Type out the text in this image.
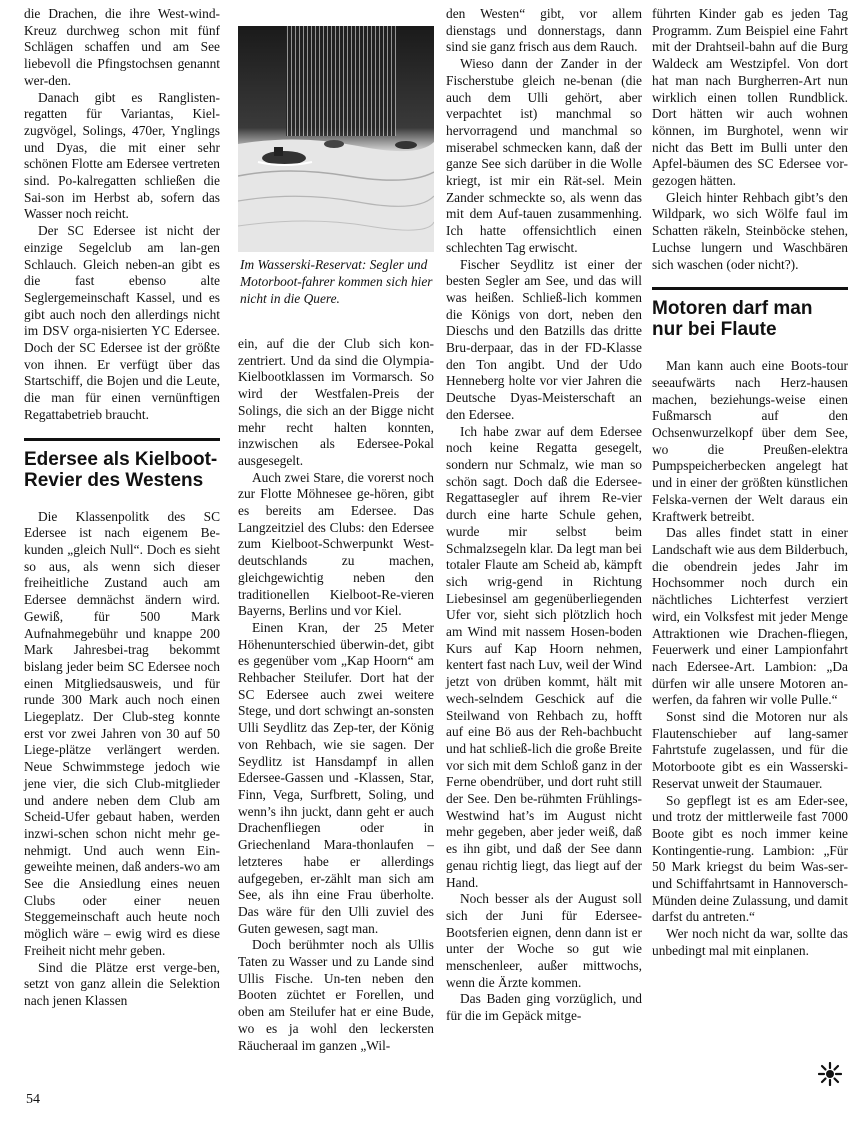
Im Wasserski-Reservat: Segler und Motorboot-fahrer kommen sich hier nicht in die Quere.

die Drachen, die ihre West-wind-Kreuz durchweg schon mit fünf Schlägen schaffen und am See liebevoll die Pfingstochsen genannt wer-den.

Danach gibt es Ranglisten-regatten für Variantas, Kiel-zugvögel, Solings, 470er, Ynglings und Dyas, die mit einer sehr schönen Flotte am Edersee vertreten sind. Po-kalregatten schließen die Sai-son im Herbst ab, sofern das Wasser noch reicht.

Der SC Edersee ist nicht der einzige Segelclub am lan-gen Schlauch. Gleich neben-an gibt es die fast ebenso alte Seglergemeinschaft Kassel, und es gibt auch noch den allerdings nicht im DSV orga-nisierten YC Edersee. Doch der SC Edersee ist der größte von ihnen. Er verfügt über das Startschiff, die Bojen und die Leute, die man für einen vernünftigen Regattabetrieb braucht.

Edersee als Kielboot-Revier des Westens

Die Klassenpolitk des SC Edersee ist nach eigenem Be-kunden „gleich Null“. Doch es sieht so aus, als wenn sich dieser freiheitliche Zustand auch am Edersee demnächst ändern wird. Gewiß, für 500 Mark Aufnahmegebühr und knappe 200 Mark Jahresbei-trag bekommt bislang jeder beim SC Edersee noch einen Mitgliedsausweis, und für runde 300 Mark auch noch einen Liegeplatz. Der Club-steg konnte erst vor zwei Jahren von 30 auf 50 Liege-plätze verlängert werden. Neue Schwimmstege jedoch wie jene vier, die sich Club-mitglieder und andere neben dem Club am Scheid-Ufer gebaut haben, werden inzwi-schen schon nicht mehr ge-nehmigt. Und auch wenn Ein-geweihte meinen, daß anders-wo am See die Ansiedlung eines neuen Clubs oder einer neuen Steggemeinschaft auch heute noch möglich wäre – ewig wird es diese Freiheit nicht mehr geben.

Sind die Plätze erst verge-ben, setzt von ganz allein die Selektion nach jenen Klassen

ein, auf die der Club sich kon-zentriert. Und da sind die Olympia-Kielbootklassen im Vormarsch. So wird der Westfalen-Preis der Solings, die sich an der Bigge nicht mehr recht halten konnten, inzwischen als Edersee-Pokal ausgesegelt.

Auch zwei Stare, die vorerst noch zur Flotte Möhnesee ge-hören, gibt es bereits am Edersee. Das Langzeitziel des Clubs: den Edersee zum Kielboot-Schwerpunkt West-deutschlands zu machen, gleichgewichtig neben den traditionellen Kielboot-Re-vieren Bayerns, Berlins und vor Kiel.

Einen Kran, der 25 Meter Höhenunterschied überwin-det, gibt es gegenüber vom „Kap Hoorn“ am Rehbacher Steilufer. Dort hat der SC Edersee auch zwei weitere Stege, und dort schwingt an-sonsten Ulli Seydlitz das Zep-ter, der König von Rehbach, wie sie sagen. Der Seydlitz ist Hansdampf in allen Edersee-Gassen und -Klassen, Star, Finn, Vega, Surfbrett, Soling, und wenn’s ihn juckt, dann geht er auch Drachenfliegen oder in Griechenland Mara-thonlaufen – letzteres habe er allerdings aufgegeben, er-zählt man sich am See, als ihn eine Frau überholte. Das wäre für den Ulli zuviel des Guten gewesen, sagt man.

Doch berühmter noch als Ullis Taten zu Wasser und zu Lande sind Ullis Fische. Un-ten neben den Booten züchtet er Forellen, und oben am Steilufer hat er eine Bude, wo es ja wohl den leckersten Räucheraal im ganzen „Wil-

den Westen“ gibt, vor allem dienstags und donnerstags, dann sind sie ganz frisch aus dem Rauch.

Wieso dann der Zander in der Fischerstube gleich ne-benan (die auch dem Ulli gehört, aber verpachtet ist) manchmal so hervorragend und manchmal so miserabel schmecken kann, daß der ganze See sich darüber in die Wolle kriegt, ist mir ein Rät-sel. Mein Zander schmeckte so, als wenn das mit dem Auf-tauen zusammenhing. Ich hatte offensichtlich einen schlechten Tag erwischt.

Fischer Seydlitz ist einer der besten Segler am See, und das will was heißen. Schließ-lich kommen die Königs von dort, neben den Dieschs und den Batzills das dritte Bru-derpaar, das in der FD-Klasse den Ton angibt. Und der Udo Henneberg holte vor vier Jahren die Deutsche Dyas-Meisterschaft an den Edersee.

Ich habe zwar auf dem Edersee noch keine Regatta gesegelt, sondern nur Schmalz, wie man so schön sagt. Doch daß die Edersee-Regattasegler auf ihrem Re-vier durch eine harte Schule gehen, wurde mir selbst beim Schmalzsegeln klar. Da legt man bei totaler Flaute am Scheid ab, kämpft sich wrig-gend in Richtung Liebesinsel am gegenüberliegenden Ufer vor, sieht sich plötzlich hoch am Wind mit nassem Hosen-boden Kurs auf Kap Hoorn nehmen, kentert fast nach Luv, weil der Wind jetzt von drüben kommt, hält mit wech-selndem Geschick auf die Steilwand von Rehbach zu, hofft auf eine Bö aus der Reh-bachbucht und hat schließ-lich die große Breite vor sich mit dem Schloß ganz in der Ferne obendrüber, und dort ruht still der See. Den be-rühmten Frühlings-Westwind hat’s im August nicht mehr gegeben, aber jeder weiß, daß es ihn gibt, und daß der See dann genau richtig liegt, das liegt auf der Hand.

Noch besser als der August soll sich der Juni für Edersee-Bootsferien eignen, denn dann ist er unter der Woche so gut wie menschenleer, außer mittwochs, wenn die Ärzte kommen.

Das Baden ging vorzüglich, und für die im Gepäck mitge-

führten Kinder gab es jeden Tag Programm. Zum Beispiel eine Fahrt mit der Drahtseil-bahn auf die Burg Waldeck am Westzipfel. Von dort hat man nach Burgherren-Art nun wirklich einen tollen Rundblick. Dort hätten wir auch wohnen können, im Burghotel, wenn wir nicht das Bett im Bulli unter den Apfel-bäumen des SC Edersee vor-gezogen hätten.

Gleich hinter Rehbach gibt’s den Wildpark, wo sich Wölfe faul im Schatten räkeln, Steinböcke stehen, Luchse lungern und Waschbären sich waschen (oder nicht?).

Motoren darf man nur bei Flaute

Man kann auch eine Boots-tour seeaufwärts nach Herz-hausen machen, beziehungs-weise einen Fußmarsch auf den Ochsenwurzelkopf über dem See, wo die Preußen-elektra Pumpspeicherbecken angelegt hat und in einer der größten künstlichen Felska-vernen der Welt daraus ein Kraftwerk betreibt.

Das alles findet statt in einer Landschaft wie aus dem Bilderbuch, die obendrein jedes Jahr im Hochsommer noch durch ein nächtliches Lichterfest verziert wird, ein Volksfest mit jeder Menge Attraktionen wie Drachen-fliegen, Feuerwerk und einer Lampionfahrt nach Edersee-Art. Lambion: „Da dürfen wir alle unsere Motoren an-werfen, da fahren wir volle Pulle.“

Sonst sind die Motoren nur als Flautenschieber auf lang-samer Fahrtstufe zugelassen, und für die Motorboote gibt es ein Wasserski-Reservat unweit der Staumauer.

So gepflegt ist es am Eder-see, und trotz der mittlerweile fast 7000 Boote gibt es noch immer keine Kontingentie-rung. Lambion: „Für 50 Mark kriegst du beim Was-ser- und Schiffahrtsamt in Hannoversch-Münden deine Zulassung, und damit darfst du antreten.“

Wer noch nicht da war, sollte das unbedingt mal mit einplanen.

54
